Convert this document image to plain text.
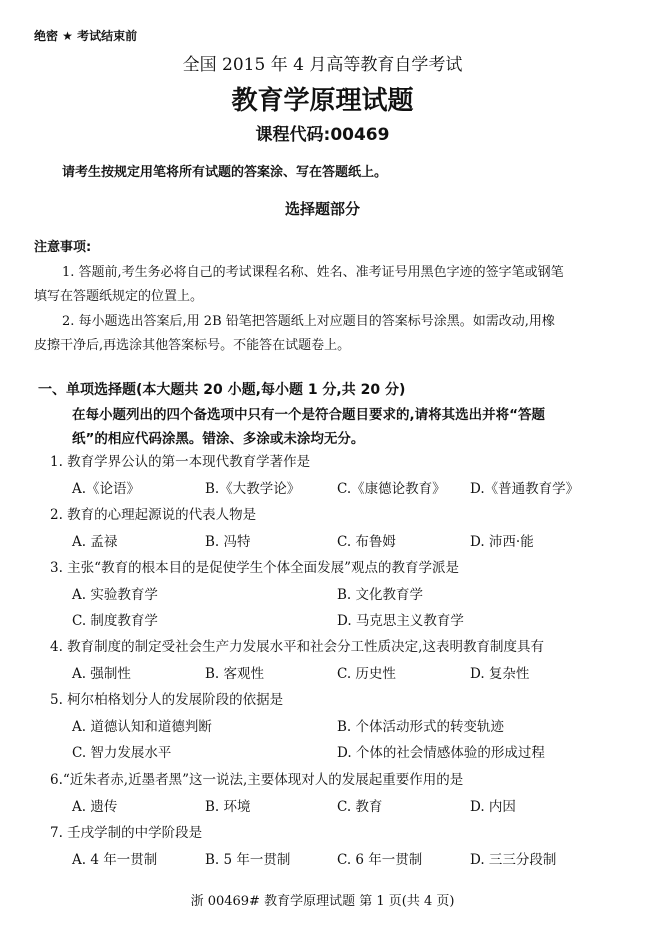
绝密 ★ 考试结束前
全国 2015 年 4 月高等教育自学考试
教育学原理试题
课程代码:00469
请考生按规定用笔将所有试题的答案涂、写在答题纸上。
选择题部分
注意事项:
1. 答题前,考生务必将自己的考试课程名称、姓名、准考证号用黑色字迹的签字笔或钢笔
填写在答题纸规定的位置上。
2. 每小题选出答案后,用 2B 铅笔把答题纸上对应题目的答案标号涂黑。如需改动,用橡
皮擦干净后,再选涂其他答案标号。不能答在试题卷上。
一、单项选择题(本大题共 20 小题,每小题 1 分,共 20 分)
在每小题列出的四个备选项中只有一个是符合题目要求的,请将其选出并将“答题
纸”的相应代码涂黑。错涂、多涂或未涂均无分。
1. 教育学界公认的第一本现代教育学著作是
A.《论语》	B.《大教学论》	C.《康德论教育》 D.《普通教育学》
2. 教育的心理起源说的代表人物是
A. 孟禄	B. 冯特	C. 布鲁姆	D. 沛西·能
3. 主张“教育的根本目的是促使学生个体全面发展”观点的教育学派是
A. 实验教育学	B. 文化教育学
C. 制度教育学	D. 马克思主义教育学
4. 教育制度的制定受社会生产力发展水平和社会分工性质决定,这表明教育制度具有
A. 强制性	B. 客观性	C. 历史性	D. 复杂性
5. 柯尔柏格划分人的发展阶段的依据是
A. 道德认知和道德判断	B. 个体活动形式的转变轨迹
C. 智力发展水平	D. 个体的社会情感体验的形成过程
6.“近朱者赤,近墨者黑”这一说法,主要体现对人的发展起重要作用的是
A. 遗传	B. 环境	C. 教育	D. 内因
7. 壬戌学制的中学阶段是
A. 4 年一贯制	B. 5 年一贯制	C. 6 年一贯制	D. 三三分段制
浙 00469# 教育学原理试题 第 1 页(共 4 页)
